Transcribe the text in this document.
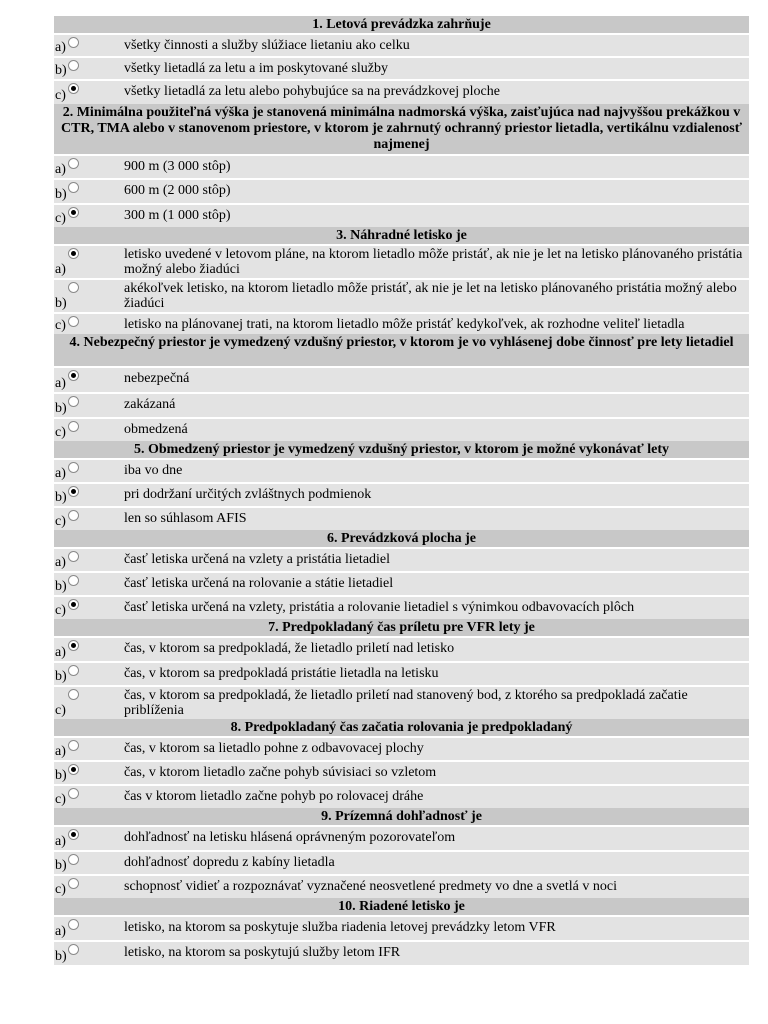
1. Letová prevádzka zahrňuje
a)	všetky činnosti a služby slúžiace lietaniu ako celku
b)	všetky lietadlá za letu a im poskytované služby
c)	všetky lietadlá za letu alebo pohybujúce sa na prevádzkovej ploche
2. Minimálna použiteľná výška je stanovená minimálna nadmorská výška, zaisťujúca nad najvyššou prekážkou v CTR, TMA alebo v stanovenom priestore, v ktorom je zahrnutý ochranný priestor lietadla, vertikálnu vzdialenosť najmenej
a)	900 m (3 000 stôp)
b)	600 m (2 000 stôp)
c)	300 m (1 000 stôp)
3. Náhradné letisko je
a)
letisko uvedené v letovom pláne, na ktorom lietadlo môže pristáť, ak nie je let na letisko plánovaného pristátia možný alebo žiadúci
b)
akékoľvek letisko, na ktorom lietadlo môže pristáť, ak nie je let na letisko plánovaného pristátia možný alebo žiadúci
c)	letisko na plánovanej trati, na ktorom lietadlo môže pristáť kedykoľvek, ak rozhodne veliteľ lietadla
4. Nebezpečný priestor je vymedzený vzdušný priestor, v ktorom je vo vyhlásenej dobe činnosť pre lety lietadiel
a)	nebezpečná
b)	zakázaná
c)	obmedzená
5. Obmedzený priestor je vymedzený vzdušný priestor, v ktorom je možné vykonávať lety
a)	iba vo dne
b)	pri dodržaní určitých zvláštnych podmienok
c)	len so súhlasom AFIS
6. Prevádzková plocha je
a)	časť letiska určená na vzlety a pristátia lietadiel
b)	časť letiska určená na rolovanie a státie lietadiel
c)	časť letiska určená na vzlety, pristátia a rolovanie lietadiel s výnimkou odbavovacích plôch
7. Predpokladaný čas príletu pre VFR lety je
a)	čas, v ktorom sa predpokladá, že lietadlo priletí nad letisko
b)	čas, v ktorom sa predpokladá pristátie lietadla na letisku
c)
čas, v ktorom sa predpokladá, že lietadlo priletí nad stanovený bod, z ktorého sa predpokladá začatie priblíženia
8. Predpokladaný čas začatia rolovania je predpokladaný
a)	čas, v ktorom sa lietadlo pohne z odbavovacej plochy
b)	čas, v ktorom lietadlo začne pohyb súvisiaci so vzletom
c)	čas v ktorom lietadlo začne pohyb po rolovacej dráhe
9. Prízemná dohľadnosť je
a)	dohľadnosť na letisku hlásená oprávneným pozorovateľom
b)	dohľadnosť dopredu z kabíny lietadla
c)	schopnosť vidieť a rozpoznávať vyznačené neosvetlené predmety vo dne a svetlá v noci
10. Riadené letisko je
a)	letisko, na ktorom sa poskytuje služba riadenia letovej prevádzky letom VFR
b)	letisko, na ktorom sa poskytujú služby letom IFR
